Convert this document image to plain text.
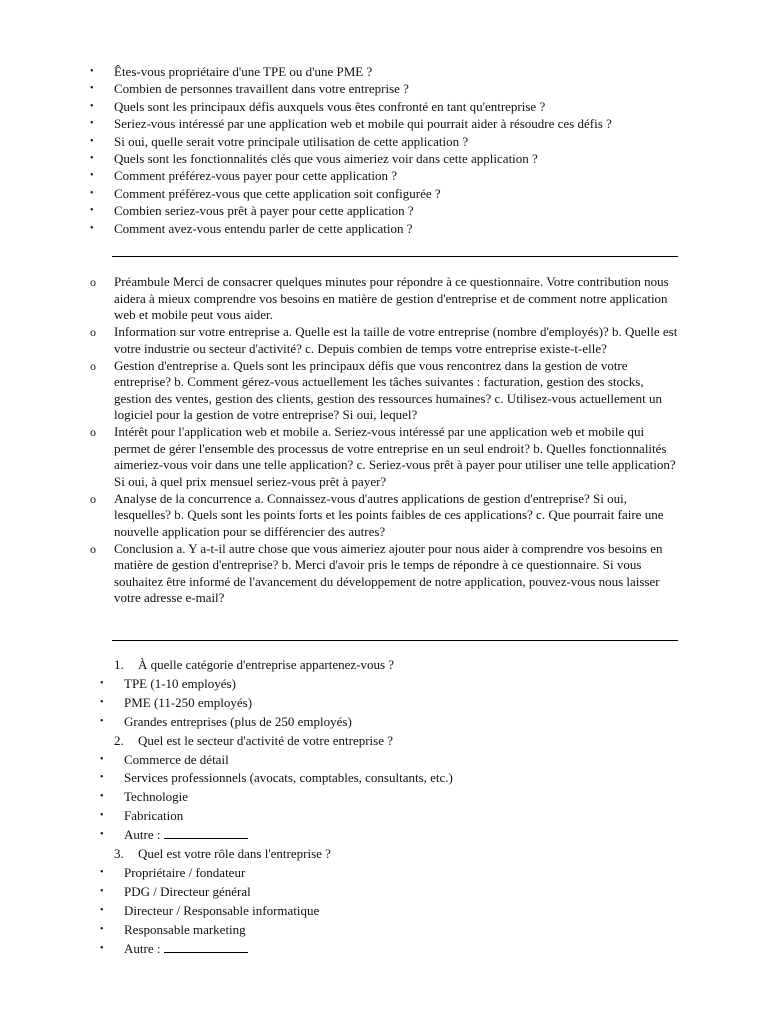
• Êtes-vous propriétaire d'une TPE ou d'une PME ?
• Combien de personnes travaillent dans votre entreprise ?
• Quels sont les principaux défis auxquels vous êtes confronté en tant qu'entreprise ?
• Seriez-vous intéressé par une application web et mobile qui pourrait aider à résoudre ces défis ?
• Si oui, quelle serait votre principale utilisation de cette application ?
• Quels sont les fonctionnalités clés que vous aimeriez voir dans cette application ?
• Comment préférez-vous payer pour cette application ?
• Comment préférez-vous que cette application soit configurée ?
• Combien seriez-vous prêt à payer pour cette application ?
• Comment avez-vous entendu parler de cette application ?
o Préambule Merci de consacrer quelques minutes pour répondre à ce questionnaire. Votre contribution nous aidera à mieux comprendre vos besoins en matière de gestion d'entreprise et de comment notre application web et mobile peut vous aider.
o Information sur votre entreprise a. Quelle est la taille de votre entreprise (nombre d'employés)? b. Quelle est votre industrie ou secteur d'activité? c. Depuis combien de temps votre entreprise existe-t-elle?
o Gestion d'entreprise a. Quels sont les principaux défis que vous rencontrez dans la gestion de votre entreprise? b. Comment gérez-vous actuellement les tâches suivantes : facturation, gestion des stocks, gestion des ventes, gestion des clients, gestion des ressources humaines? c. Utilisez-vous actuellement un logiciel pour la gestion de votre entreprise? Si oui, lequel?
o Intérêt pour l'application web et mobile a. Seriez-vous intéressé par une application web et mobile qui permet de gérer l'ensemble des processus de votre entreprise en un seul endroit? b. Quelles fonctionnalités aimeriez-vous voir dans une telle application? c. Seriez-vous prêt à payer pour utiliser une telle application? Si oui, à quel prix mensuel seriez-vous prêt à payer?
o Analyse de la concurrence a. Connaissez-vous d'autres applications de gestion d'entreprise? Si oui, lesquelles? b. Quels sont les points forts et les points faibles de ces applications? c. Que pourrait faire une nouvelle application pour se différencier des autres?
o Conclusion a. Y a-t-il autre chose que vous aimeriez ajouter pour nous aider à comprendre vos besoins en matière de gestion d'entreprise? b. Merci d'avoir pris le temps de répondre à ce questionnaire. Si vous souhaitez être informé de l'avancement du développement de notre application, pouvez-vous nous laisser votre adresse e-mail?
1. À quelle catégorie d'entreprise appartenez-vous ?
• TPE (1-10 employés)
• PME (11-250 employés)
• Grandes entreprises (plus de 250 employés)
2. Quel est le secteur d'activité de votre entreprise ?
• Commerce de détail
• Services professionnels (avocats, comptables, consultants, etc.)
• Technologie
• Fabrication
• Autre :
3. Quel est votre rôle dans l'entreprise ?
• Propriétaire / fondateur
• PDG / Directeur général
• Directeur / Responsable informatique
• Responsable marketing
• Autre :
